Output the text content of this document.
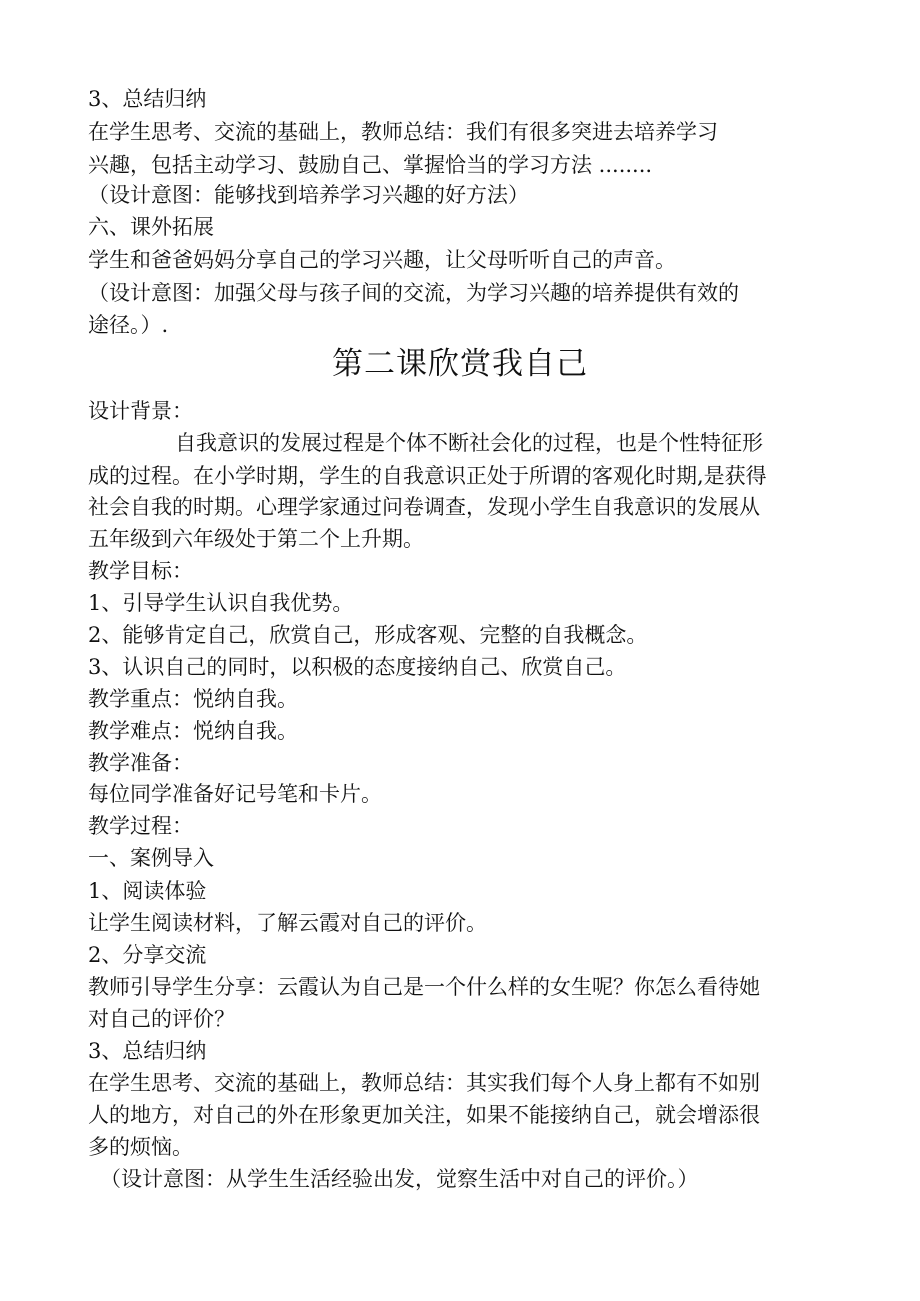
3、总结归纳

在学生思考、交流的基础上，教师总结：我们有很多突进去培养学习

兴趣，包括主动学习、鼓励自己、掌握恰当的学习方法 ........

（设计意图：能够找到培养学习兴趣的好方法）

六、课外拓展

学生和爸爸妈妈分享自己的学习兴趣，让父母听听自己的声音。

（设计意图：加强父母与孩子间的交流，为学习兴趣的培养提供有效的

途径。）.

第二课欣赏我自己

设计背景：

自我意识的发展过程是个体不断社会化的过程，也是个性特征形

成的过程。在小学时期，学生的自我意识正处于所谓的客观化时期,是获得

社会自我的时期。心理学家通过问卷调查，发现小学生自我意识的发展从

五年级到六年级处于第二个上升期。

教学目标：

1、引导学生认识自我优势。

2、能够肯定自己，欣赏自己，形成客观、完整的自我概念。

3、认识自己的同时，以积极的态度接纳自己、欣赏自己。

教学重点：悦纳自我。

教学难点：悦纳自我。

教学准备：

每位同学准备好记号笔和卡片。

教学过程：

一、案例导入

1、阅读体验

让学生阅读材料，了解云霞对自己的评价。

2、分享交流

教师引导学生分享：云霞认为自己是一个什么样的女生呢？你怎么看待她

对自己的评价？

3、总结归纳

在学生思考、交流的基础上，教师总结：其实我们每个人身上都有不如别

人的地方，对自己的外在形象更加关注，如果不能接纳自己，就会增添很

多的烦恼。

（设计意图：从学生生活经验出发，觉察生活中对自己的评价。）
